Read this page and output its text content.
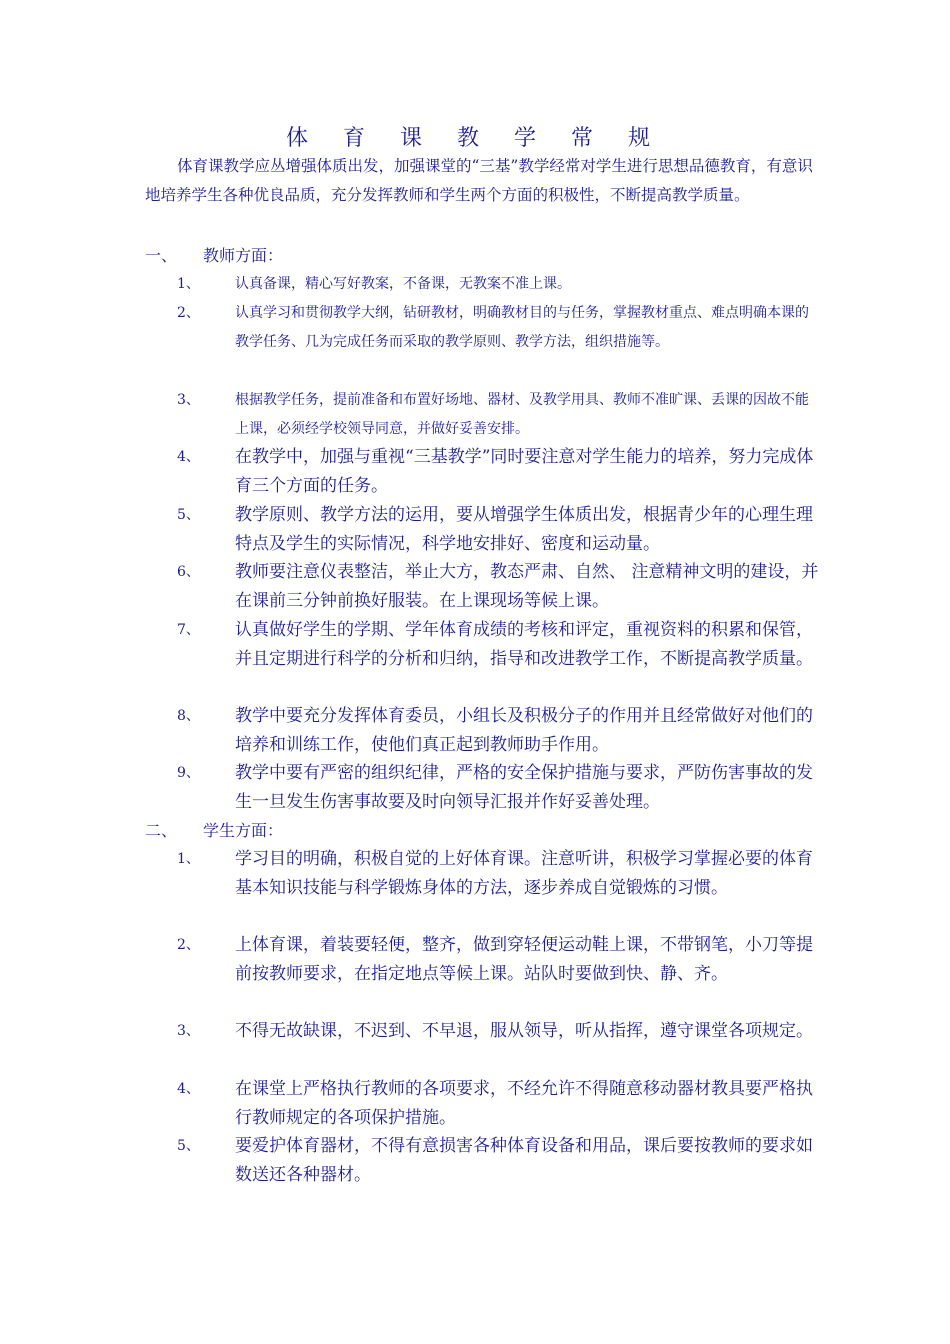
体 育 课 教 学 常 规
体育课教学应丛增强体质出发，加强课堂的“三基”教学经常对学生进行思想品德教育，有意识地培养学生各种优良品质，充分发挥教师和学生两个方面的积极性，不断提高教学质量。
一、 教师方面：
1、	认真备课，精心写好教案，不备课，无教案不准上课。
2、	认真学习和贯彻教学大纲，钻研教材，明确教材目的与任务，掌握教材重点、难点明确本课的教学任务、几为完成任务而采取的教学原则、教学方法，组织措施等。
3、	根据教学任务，提前准备和布置好场地、器材、及教学用具、教师不准旷课、丢课的因故不能上课，必须经学校领导同意，并做好妥善安排。
4、	在教学中，加强与重视“三基教学”同时要注意对学生能力的培养，努力完成体育三个方面的任务。
5、	教学原则、教学方法的运用，要从增强学生体质出发，根据青少年的心理生理特点及学生的实际情况，科学地安排好、密度和运动量。
6、	教师要注意仪表整洁，举止大方，教态严肃、自然、 注意精神文明的建设，并在课前三分钟前换好服装。在上课现场等候上课。
7、	认真做好学生的学期、学年体育成绩的考核和评定，重视资料的积累和保管，并且定期进行科学的分析和归纳，指导和改进教学工作，不断提高教学质量。
8、	教学中要充分发挥体育委员，小组长及积极分子的作用并且经常做好对他们的培养和训练工作，使他们真正起到教师助手作用。
9、	教学中要有严密的组织纪律，严格的安全保护措施与要求，严防伤害事故的发生一旦发生伤害事故要及时向领导汇报并作好妥善处理。
二、 学生方面：
1、	学习目的明确，积极自觉的上好体育课。注意听讲，积极学习掌握必要的体育基本知识技能与科学锻炼身体的方法，逐步养成自觉锻炼的习惯。
2、	上体育课，着装要轻便，整齐，做到穿轻便运动鞋上课，不带钢笔，小刀等提前按教师要求，在指定地点等候上课。站队时要做到快、静、齐。
3、	不得无故缺课，不迟到、不早退，服从领导，听从指挥，遵守课堂各项规定。
4、	在课堂上严格执行教师的各项要求，不经允许不得随意移动器材教具要严格执行教师规定的各项保护措施。
5、	要爱护体育器材，不得有意损害各种体育设备和用品，课后要按教师的要求如数送还各种器材。
